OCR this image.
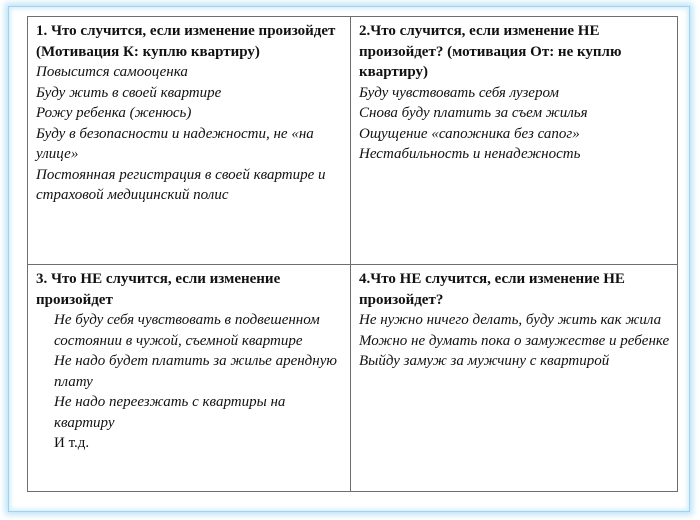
1. Что случится, если изменение произойдет (Мотивация К: куплю квартиру)

Повысится самооценка
Буду жить в своей квартире
Рожу ребенка (женюсь)
Буду в безопасности и надежности, не «на улице»
Постоянная регистрация в своей квартире и страховой медицинский полис

2.Что случится, если изменение НЕ произойдет? (мотивация От: не куплю квартиру)

Буду чувствовать себя лузером
Снова буду платить за съем жилья
Ощущение «сапожника без сапог»
Нестабильность и ненадежность

3. Что НЕ случится, если изменение произойдет

Не буду себя чувствовать в подвешенном состоянии в чужой, съемной квартире
Не надо будет платить за жилье арендную плату
Не надо переезжать с квартиры на квартиру
И т.д.

4.Что НЕ случится, если изменение НЕ произойдет?

Не нужно ничего делать, буду жить как жила
Можно не думать пока о замужестве и ребенке
Выйду замуж за мужчину с квартирой
